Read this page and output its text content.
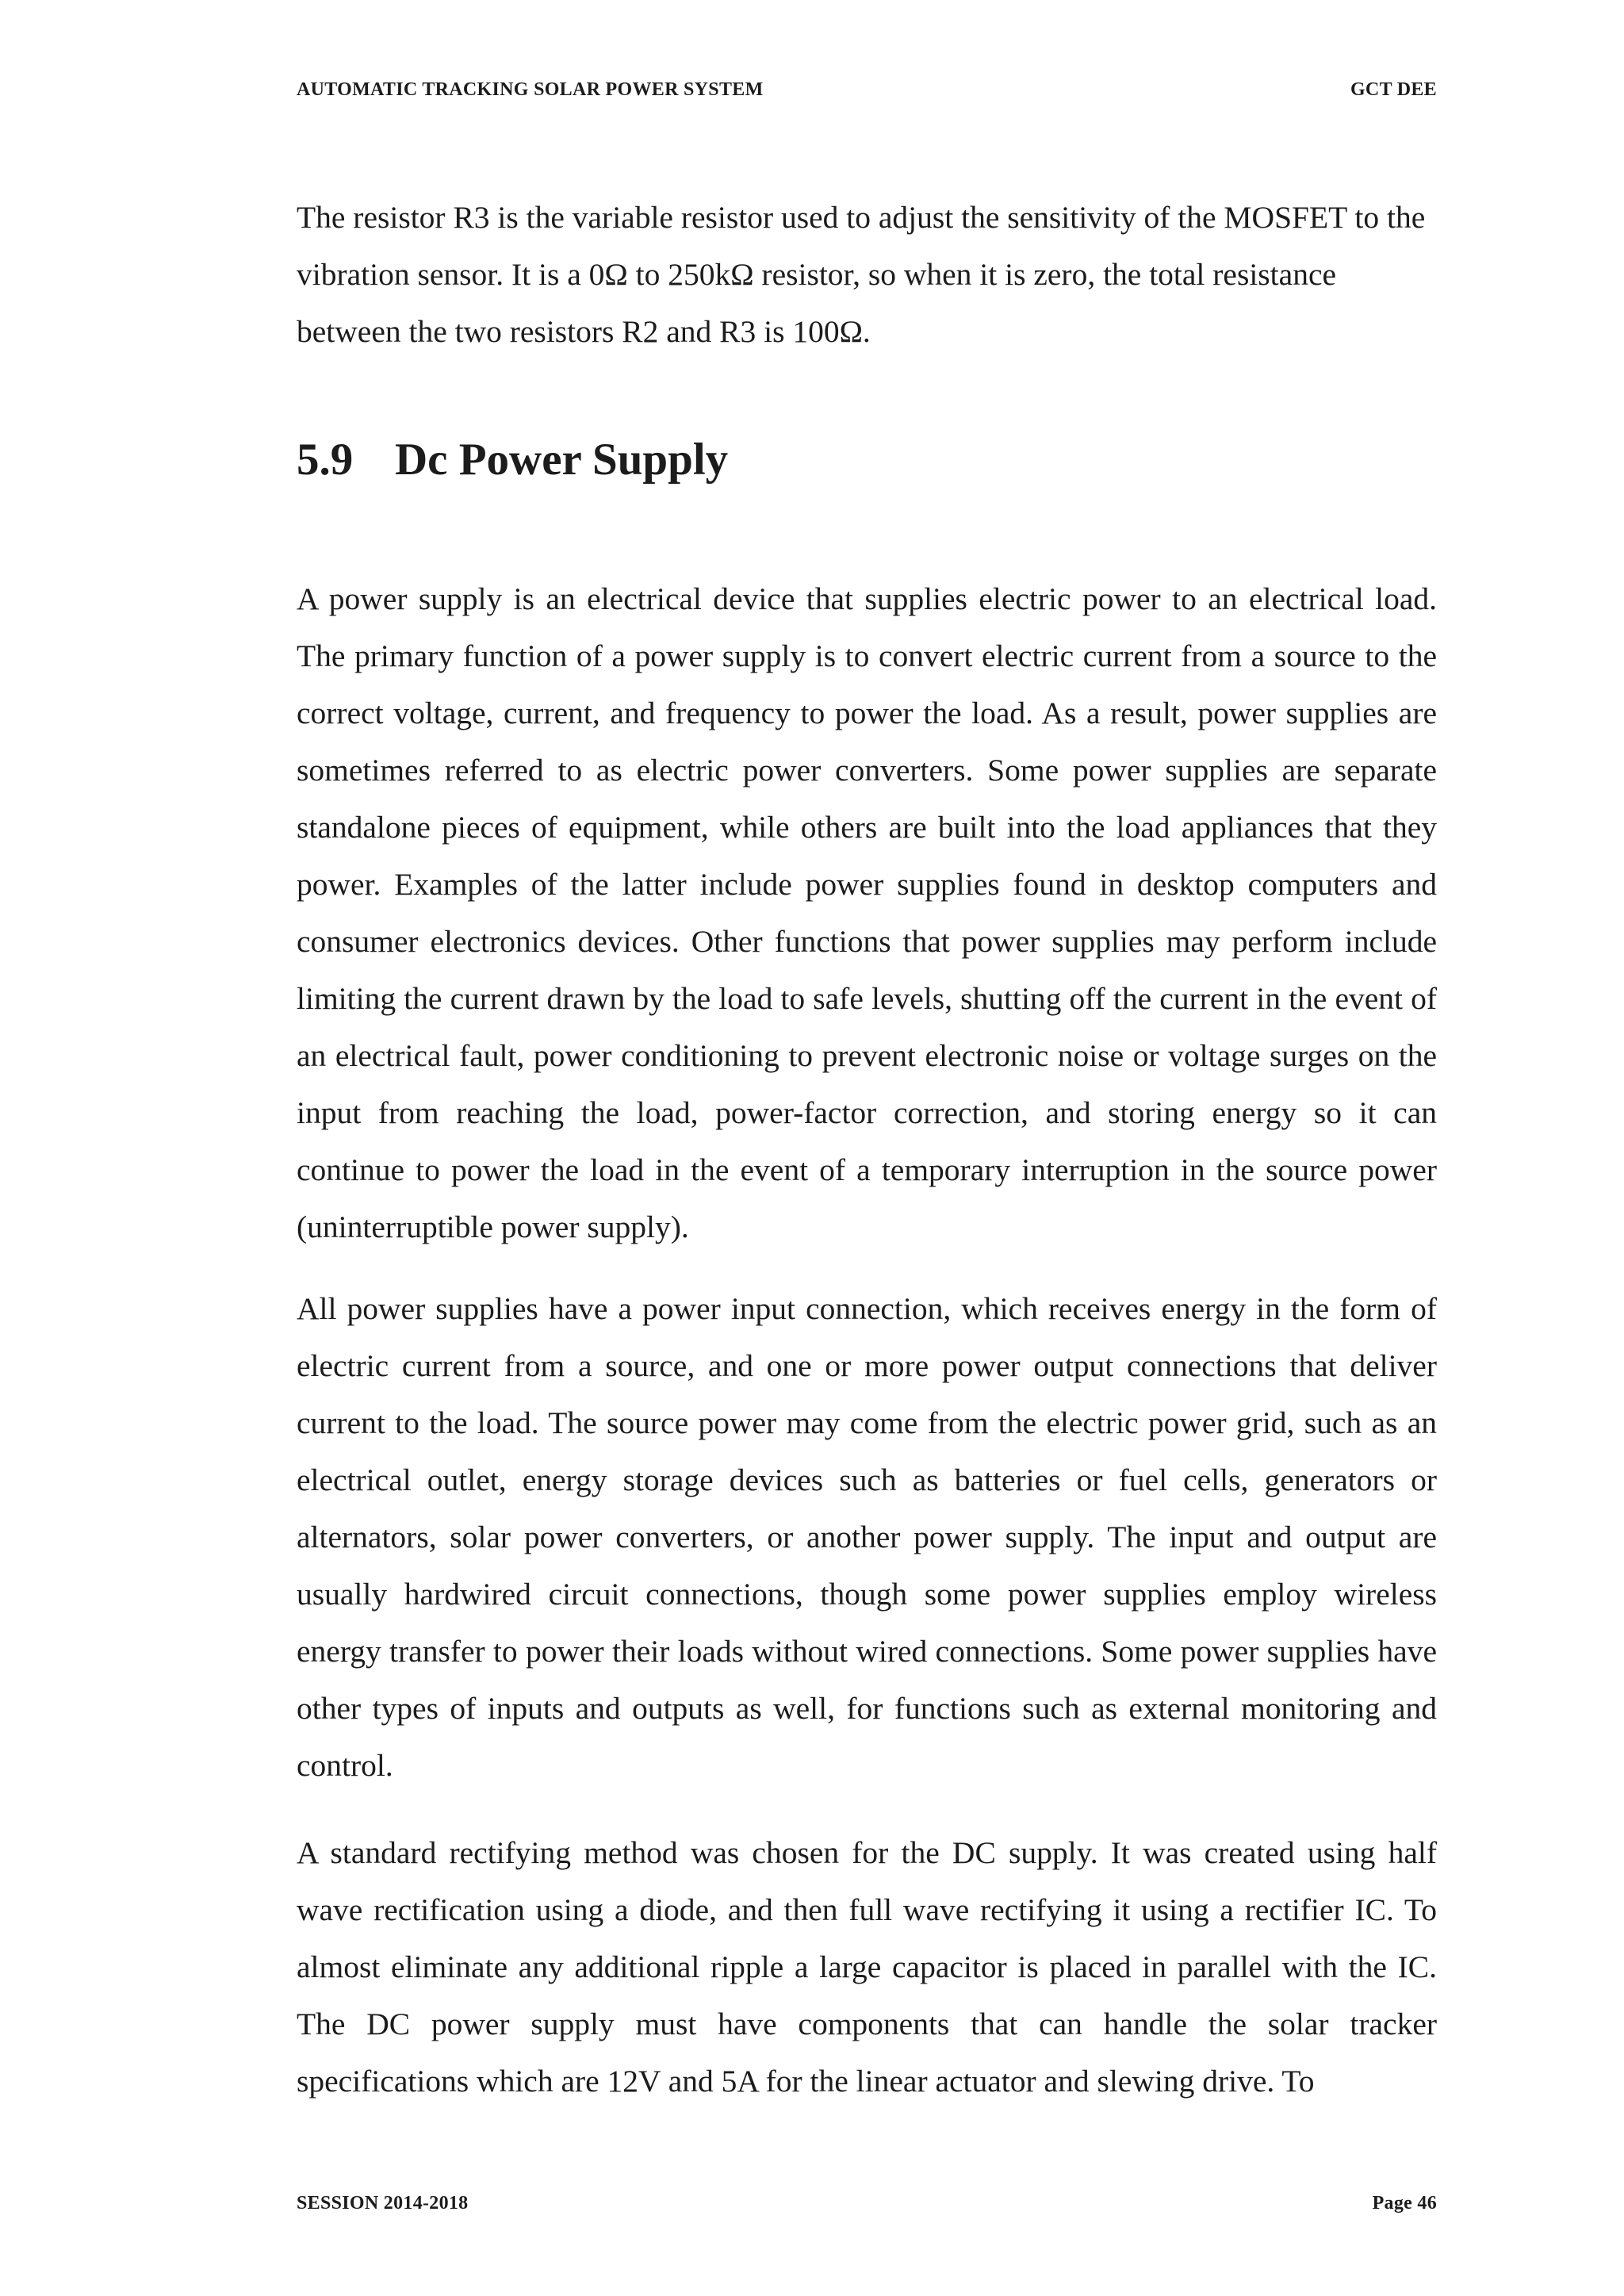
AUTOMATIC TRACKING SOLAR POWER SYSTEM	GCT DEE

The resistor R3 is the variable resistor used to adjust the sensitivity of the MOSFET to the vibration sensor. It is a 0Ω to 250kΩ resistor, so when it is zero, the total resistance between the two resistors R2 and R3 is 100Ω.

5.9 Dc Power Supply

A power supply is an electrical device that supplies electric power to an electrical load. The primary function of a power supply is to convert electric current from a source to the correct voltage, current, and frequency to power the load. As a result, power supplies are sometimes referred to as electric power converters. Some power supplies are separate standalone pieces of equipment, while others are built into the load appliances that they power. Examples of the latter include power supplies found in desktop computers and consumer electronics devices. Other functions that power supplies may perform include limiting the current drawn by the load to safe levels, shutting off the current in the event of an electrical fault, power conditioning to prevent electronic noise or voltage surges on the input from reaching the load, power-factor correction, and storing energy so it can continue to power the load in the event of a temporary interruption in the source power (uninterruptible power supply).

All power supplies have a power input connection, which receives energy in the form of electric current from a source, and one or more power output connections that deliver current to the load. The source power may come from the electric power grid, such as an electrical outlet, energy storage devices such as batteries or fuel cells, generators or alternators, solar power converters, or another power supply. The input and output are usually hardwired circuit connections, though some power supplies employ wireless energy transfer to power their loads without wired connections. Some power supplies have other types of inputs and outputs as well, for functions such as external monitoring and control.

A standard rectifying method was chosen for the DC supply. It was created using half wave rectification using a diode, and then full wave rectifying it using a rectifier IC. To almost eliminate any additional ripple a large capacitor is placed in parallel with the IC. The DC power supply must have components that can handle the solar tracker specifications which are 12V and 5A for the linear actuator and slewing drive. To

SESSION 2014-2018	Page 46
